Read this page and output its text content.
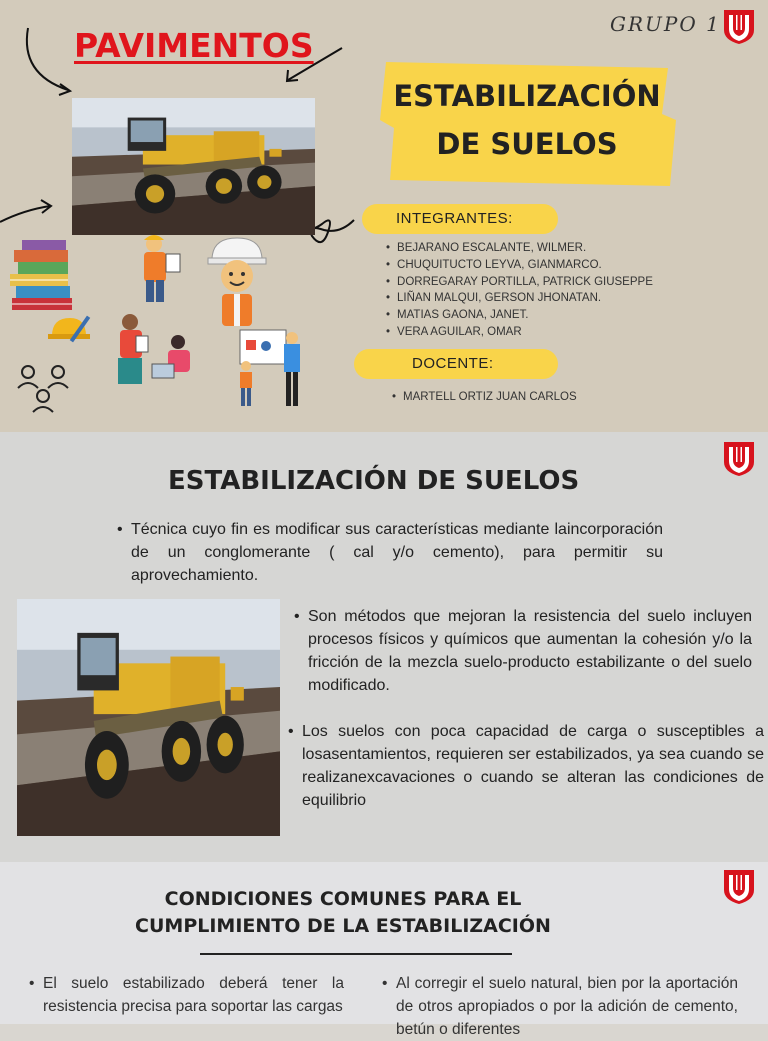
GRUPO 1
PAVIMENTOS
ESTABILIZACIÓN
DE SUELOS
INTEGRANTES:
• BEJARANO ESCALANTE, WILMER.
• CHUQUITUCTO LEYVA, GIANMARCO.
• DORREGARAY PORTILLA, PATRICK GIUSEPPE
• LIÑAN MALQUI, GERSON JHONATAN.
• MATIAS GAONA, JANET.
• VERA AGUILAR, OMAR
DOCENTE:
• MARTELL ORTIZ JUAN CARLOS
ESTABILIZACIÓN DE SUELOS
• Técnica cuyo fin es modificar sus características mediante laincorporación de un conglomerante ( cal y/o cemento), para permitir su aprovechamiento.
• Son métodos que mejoran la resistencia del suelo incluyen procesos físicos y químicos que aumentan la cohesión y/o la fricción de la mezcla suelo-producto estabilizante o del suelo modificado.
• Los suelos con poca capacidad de carga o susceptibles a losasentamientos, requieren ser estabilizados, ya sea cuando se realizanexcavaciones o cuando se alteran las condiciones de equilibrio
CONDICIONES COMUNES PARA EL CUMPLIMIENTO DE LA ESTABILIZACIÓN
• El suelo estabilizado deberá tener la resistencia precisa para soportar las cargas
• Al corregir el suelo natural, bien por la aportación de otros apropiados o por la adición de cemento, betún o diferentes
